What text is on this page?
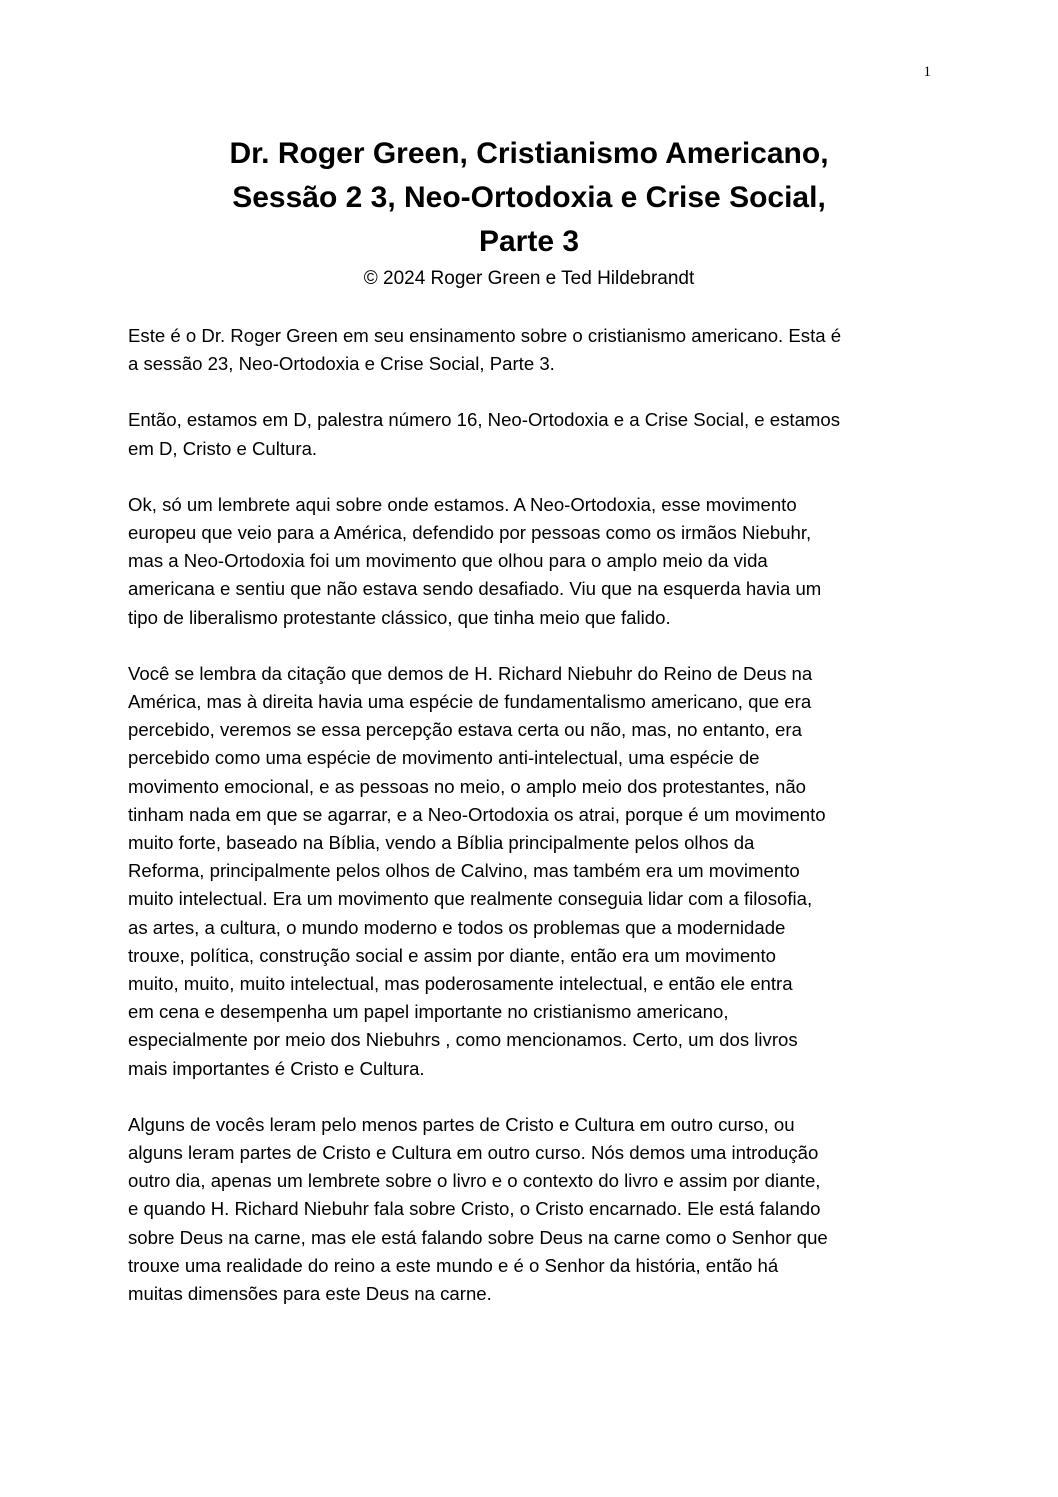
1
Dr. Roger Green, Cristianismo Americano,
Sessão 2 3, Neo-Ortodoxia e Crise Social,
Parte 3

© 2024 Roger Green e Ted Hildebrandt

Este é o Dr. Roger Green em seu ensinamento sobre o cristianismo americano. Esta é
a sessão 23, Neo-Ortodoxia e Crise Social, Parte 3.

Então, estamos em D, palestra número 16, Neo-Ortodoxia e a Crise Social, e estamos
em D, Cristo e Cultura.

Ok, só um lembrete aqui sobre onde estamos. A Neo-Ortodoxia, esse movimento
europeu que veio para a América, defendido por pessoas como os irmãos Niebuhr,
mas a Neo-Ortodoxia foi um movimento que olhou para o amplo meio da vida
americana e sentiu que não estava sendo desafiado. Viu que na esquerda havia um
tipo de liberalismo protestante clássico, que tinha meio que falido.

Você se lembra da citação que demos de H. Richard Niebuhr do Reino de Deus na
América, mas à direita havia uma espécie de fundamentalismo americano, que era
percebido, veremos se essa percepção estava certa ou não, mas, no entanto, era
percebido como uma espécie de movimento anti-intelectual, uma espécie de
movimento emocional, e as pessoas no meio, o amplo meio dos protestantes, não
tinham nada em que se agarrar, e a Neo-Ortodoxia os atrai, porque é um movimento
muito forte, baseado na Bíblia, vendo a Bíblia principalmente pelos olhos da
Reforma, principalmente pelos olhos de Calvino, mas também era um movimento
muito intelectual. Era um movimento que realmente conseguia lidar com a filosofia,
as artes, a cultura, o mundo moderno e todos os problemas que a modernidade
trouxe, política, construção social e assim por diante, então era um movimento
muito, muito, muito intelectual, mas poderosamente intelectual, e então ele entra
em cena e desempenha um papel importante no cristianismo americano,
especialmente por meio dos Niebuhrs , como mencionamos. Certo, um dos livros
mais importantes é Cristo e Cultura.

Alguns de vocês leram pelo menos partes de Cristo e Cultura em outro curso, ou
alguns leram partes de Cristo e Cultura em outro curso. Nós demos uma introdução
outro dia, apenas um lembrete sobre o livro e o contexto do livro e assim por diante,
e quando H. Richard Niebuhr fala sobre Cristo, o Cristo encarnado. Ele está falando
sobre Deus na carne, mas ele está falando sobre Deus na carne como o Senhor que
trouxe uma realidade do reino a este mundo e é o Senhor da história, então há
muitas dimensões para este Deus na carne.
